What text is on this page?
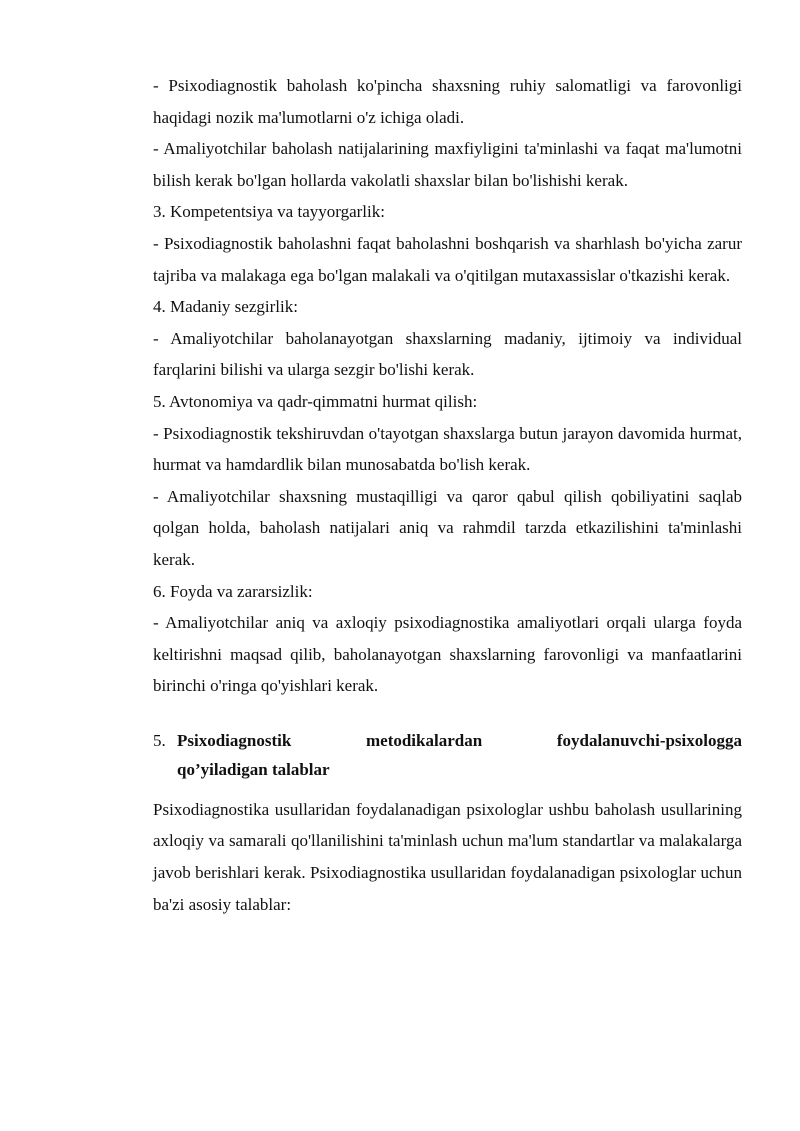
- Psixodiagnostik baholash ko'pincha shaxsning ruhiy salomatligi va farovonligi haqidagi nozik ma'lumotlarni o'z ichiga oladi.

- Amaliyotchilar baholash natijalarining maxfiyligini ta'minlashi va faqat ma'lumotni bilish kerak bo'lgan hollarda vakolatli shaxslar bilan bo'lishishi kerak.

3. Kompetentsiya va tayyorgarlik:

- Psixodiagnostik baholashni faqat baholashni boshqarish va sharhlash bo'yicha zarur tajriba va malakaga ega bo'lgan malakali va o'qitilgan mutaxassislar o'tkazishi kerak.

4. Madaniy sezgirlik:

- Amaliyotchilar baholanayotgan shaxslarning madaniy, ijtimoiy va individual farqlarini bilishi va ularga sezgir bo'lishi kerak.

5. Avtonomiya va qadr-qimmatni hurmat qilish:

- Psixodiagnostik tekshiruvdan o'tayotgan shaxslarga butun jarayon davomida hurmat, hurmat va hamdardlik bilan munosabatda bo'lish kerak.

- Amaliyotchilar shaxsning mustaqilligi va qaror qabul qilish qobiliyatini saqlab qolgan holda, baholash natijalari aniq va rahmdil tarzda etkazilishini ta'minlashi kerak.

6. Foyda va zararsizlik:

- Amaliyotchilar aniq va axloqiy psixodiagnostika amaliyotlari orqali ularga foyda keltirishni maqsad qilib, baholanayotgan shaxslarning farovonligi va manfaatlarini birinchi o'ringa qo'yishlari kerak.

5. Psixodiagnostik metodikalardan foydalanuvchi-psixologga
qo’yiladigan talablar

Psixodiagnostika usullaridan foydalanadigan psixologlar ushbu baholash usullarining axloqiy va samarali qo'llanilishini ta'minlash uchun ma'lum standartlar va malakalarga javob berishlari kerak. Psixodiagnostika usullaridan foydalanadigan psixologlar uchun ba'zi asosiy talablar:
